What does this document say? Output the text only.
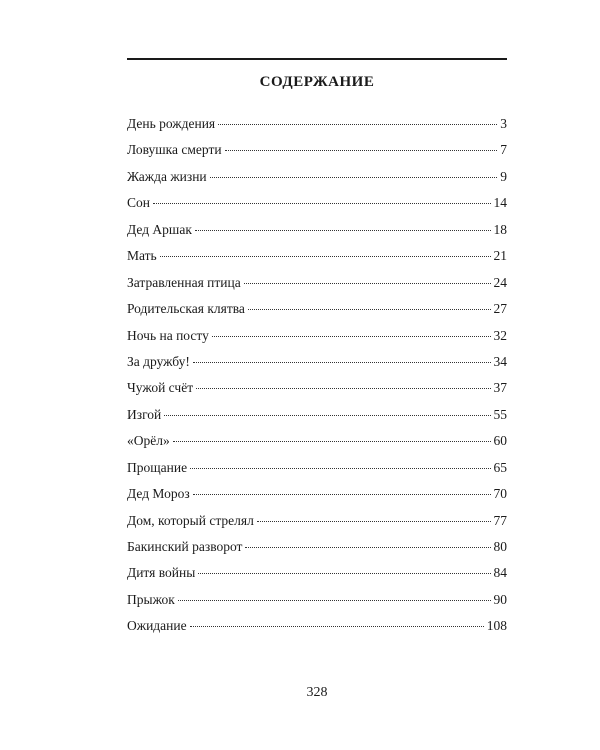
СОДЕРЖАНИЕ
День рождения	3
Ловушка смерти	7
Жажда жизни	9
Сон	14
Дед Аршак	18
Мать	21
Затравленная птица	24
Родительская клятва	27
Ночь на посту	32
За дружбу!	34
Чужой счёт	37
Изгой	55
«Орёл»	60
Прощание	65
Дед Мороз	70
Дом, который стрелял	77
Бакинский разворот	80
Дитя войны	84
Прыжок	90
Ожидание	108
328
